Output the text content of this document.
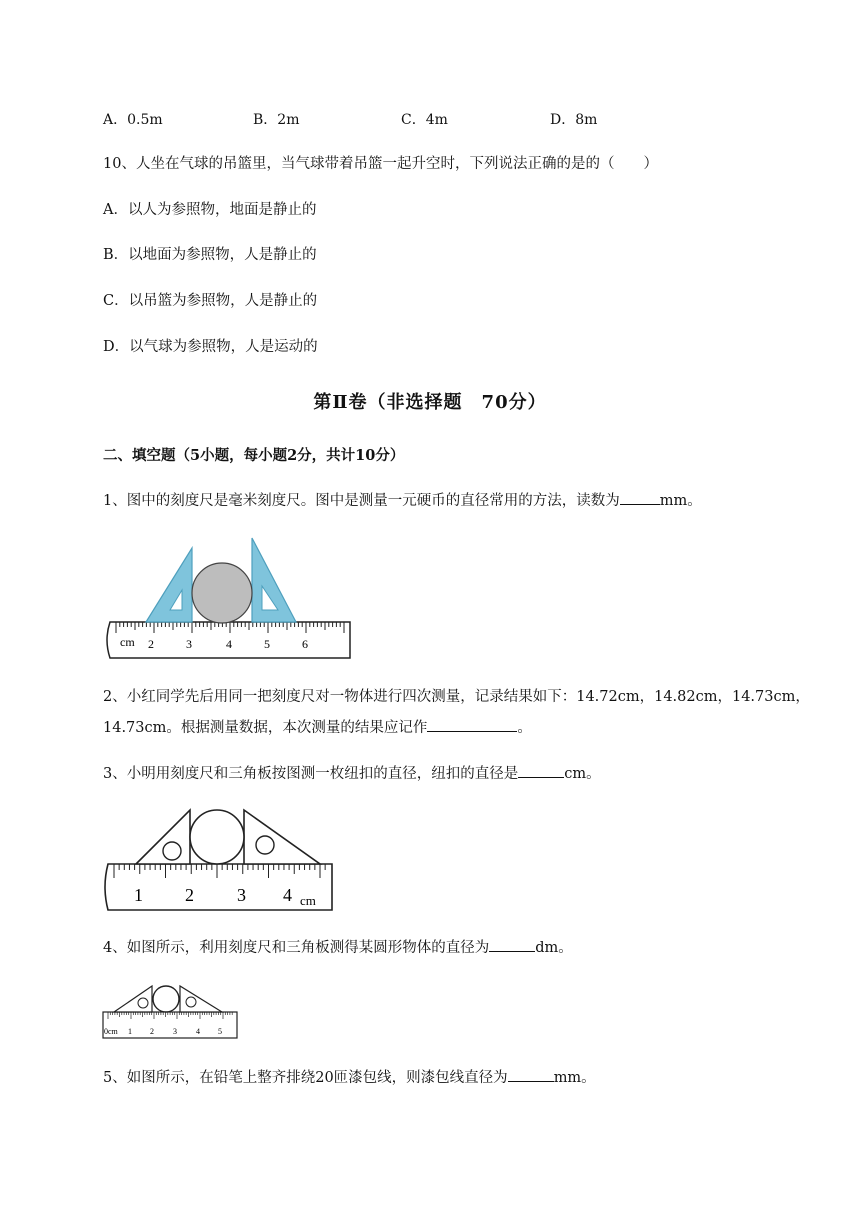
A．0.5m	B．2m	C．4m	D．8m
10、人坐在气球的吊篮里，当气球带着吊篮一起升空时，下列说法正确的是的（　　）
A．以人为参照物，地面是静止的
B．以地面为参照物，人是静止的
C．以吊篮为参照物，人是静止的
D．以气球为参照物，人是运动的
第Ⅱ卷（非选择题　70分）
二、填空题（5小题，每小题2分，共计10分）
1、图中的刻度尺是毫米刻度尺。图中是测量一元硬币的直径常用的方法，读数为	mm。
cm 2	3	4	5	6
2、小红同学先后用同一把刻度尺对一物体进行四次测量，记录结果如下：14.72cm，14.82cm，14.73cm，
14.73cm。根据测量数据，本次测量的结果应记作	。
3、小明用刻度尺和三角板按图测一枚纽扣的直径，纽扣的直径是	cm。
1 2 3 4 cm
4、如图所示，利用刻度尺和三角板测得某圆形物体的直径为	dm。
0cm 1 2 3 4 5
5、如图所示，在铅笔上整齐排绕20匝漆包线，则漆包线直径为	mm。
